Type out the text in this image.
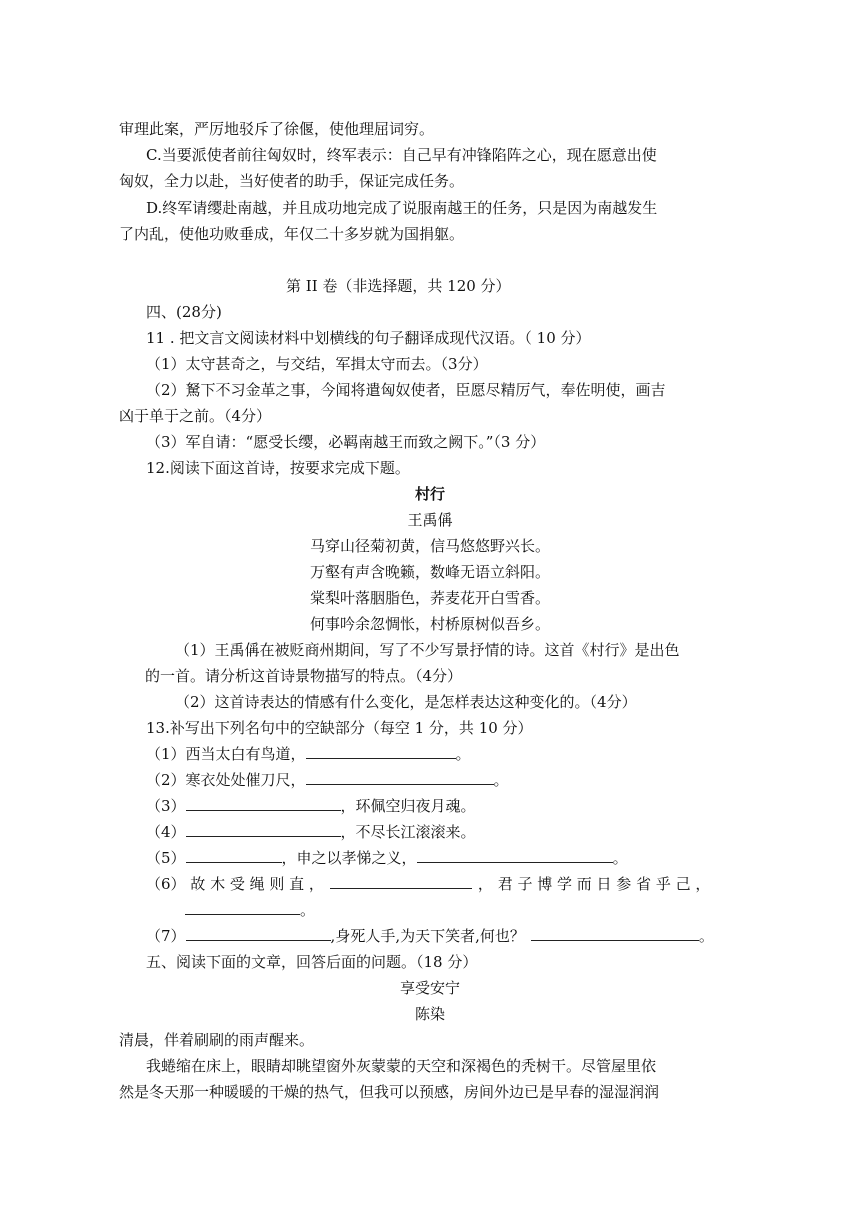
审理此案，严厉地驳斥了徐偃，使他理屈词穷。
C.当要派使者前往匈奴时，终军表示：自己早有冲锋陷阵之心，现在愿意出使
匈奴，全力以赴，当好使者的助手，保证完成任务。
D.终军请缨赴南越，并且成功地完成了说服南越王的任务，只是因为南越发生
了内乱，使他功败垂成，年仅二十多岁就为国捐躯。
第 II 卷（非选择题，共 120 分）
四、(28分)
11 . 把文言文阅读材料中划横线的句子翻译成现代汉语。（ 10 分）
（1）太守甚奇之，与交结，军揖太守而去。（3分）
（2）駑下不习金革之事，今闻将遣匈奴使者，臣愿尽精厉气，奉佐明使，画吉
凶于单于之前。（4分）
（3）军自请：“愿受长缨，必羁南越王而致之阙下。”（3 分）
12.阅读下面这首诗，按要求完成下题。
村行
王禹偁
马穿山径菊初黄，信马悠悠野兴长。
万壑有声含晚籁，数峰无语立斜阳。
棠梨叶落胭脂色，荞麦花开白雪香。
何事吟余忽惆怅，村桥原树似吾乡。
（1）王禹偁在被贬商州期间，写了不少写景抒情的诗。这首《村行》是出色
的一首。请分析这首诗景物描写的特点。（4分）
（2）这首诗表达的情感有什么变化，是怎样表达这种变化的。（4分）
13.补写出下列名句中的空缺部分（每空 1 分，共 10 分）
（1）西当太白有鸟道，	。
（2）寒衣处处催刀尺，	。
（3）	，环佩空归夜月魂。
（4）	，不尽长江滚滚来。
（5）	，申之以孝悌之义，	。
（6） 故 木 受 绳 则 直 ，	， 君 子 博 学 而 日 参 省 乎 己 ，
。
（7）	,身死人手,为天下笑者,何也？	。
五、阅读下面的文章，回答后面的问题。（18 分）
享受安宁
陈染
清晨，伴着刷刷的雨声醒来。
我蜷缩在床上，眼睛却眺望窗外灰蒙蒙的天空和深褐色的秃树干。尽管屋里依
然是冬天那一种暖暖的干燥的热气，但我可以预感，房间外边已是早春的湿湿润润
